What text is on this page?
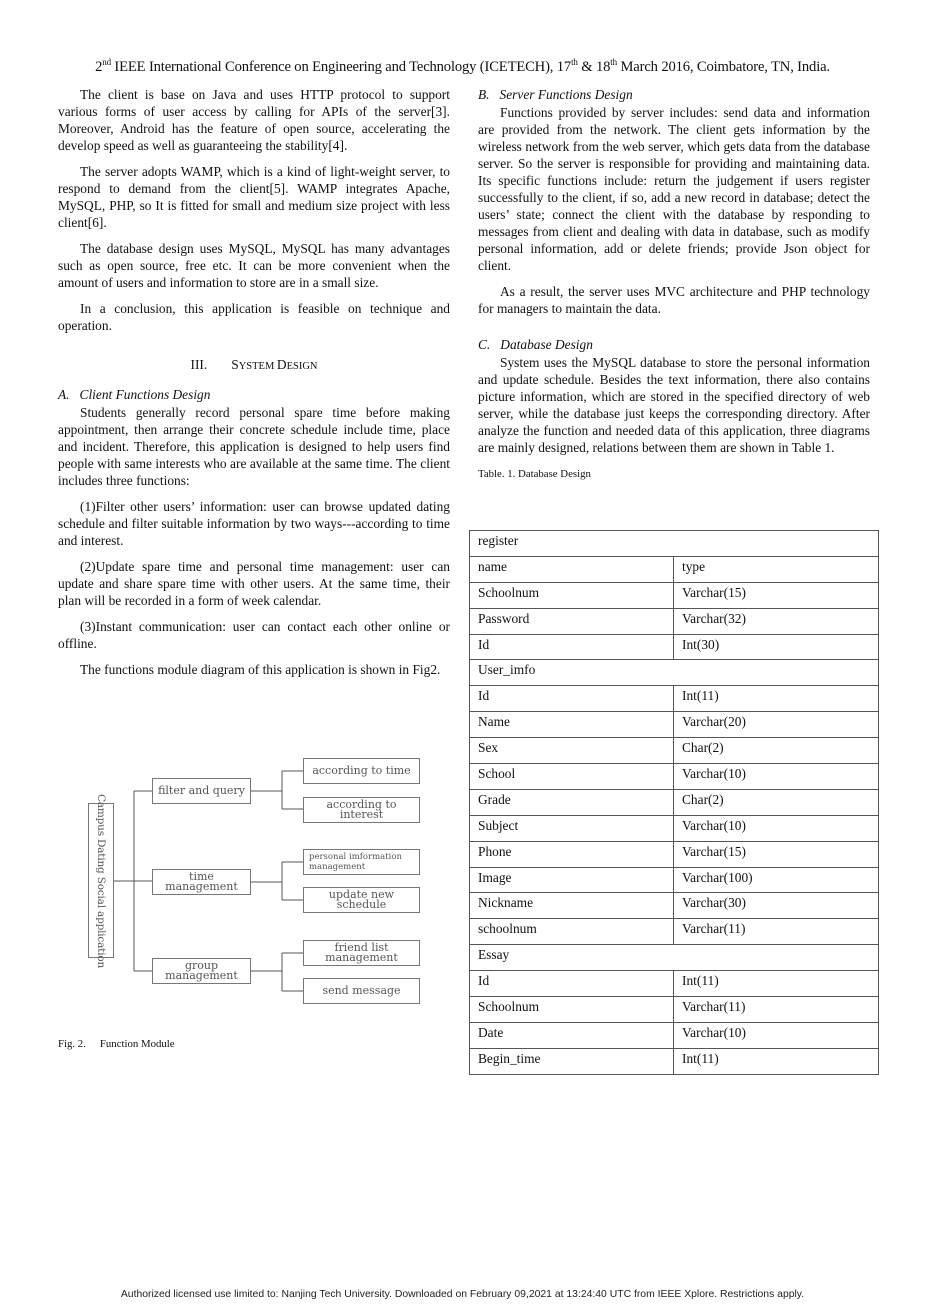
2nd IEEE International Conference on Engineering and Technology (ICETECH), 17th & 18th March 2016, Coimbatore, TN, India.

The client is base on Java and uses HTTP protocol to support various forms of user access by calling for APIs of the server[3]. Moreover, Android has the feature of open source, accelerating the develop speed as well as guaranteeing the stability[4].

The server adopts WAMP, which is a kind of light-weight server, to respond to demand from the client[5]. WAMP integrates Apache, MySQL, PHP, so It is fitted for small and medium size project with less client[6].

The database design uses MySQL, MySQL has many advantages such as open source, free etc. It can be more convenient when the amount of users and information to store are in a small size.

In a conclusion, this application is feasible on technique and operation.

III. SYSTEM DESIGN
A. Client Functions Design

Students generally record personal spare time before making appointment, then arrange their concrete schedule include time, place and incident. Therefore, this application is designed to help users find people with same interests who are available at the same time. The client includes three functions:

(1)Filter other users’ information: user can browse updated dating schedule and filter suitable information by two ways---according to time and interest.

(2)Update spare time and personal time management: user can update and share spare time with other users. At the same time, their plan will be recorded in a form of week calendar.

(3)Instant communication: user can contact each other online or offline.

The functions module diagram of this application is shown in Fig2.

Campus Dating Social application
filter and query
according to time
according to interest
time management
personal imformation management
update new schedule
group management
friend list management
send message
Fig. 2. Function Module
B. Server Functions Design

Functions provided by server includes: send data and information are provided from the network. The client gets information by the wireless network from the web server, which gets data from the database server. So the server is responsible for providing and maintaining data. Its specific functions include: return the judgement if users register successfully to the client, if so, add a new record in database; detect the users’ state; connect the client with the database by responding to messages from client and dealing with data in database, such as modify personal information, add or delete friends; provide Json object for client.

As a result, the server uses MVC architecture and PHP technology for managers to maintain the data.

C. Database Design

System uses the MySQL database to store the personal information and update schedule. Besides the text information, there also contains picture information, which are stored in the specified directory of web server, while the database just keeps the corresponding directory. After analyze the function and needed data of this application, three diagrams are mainly designed, relations between them are shown in Table 1.

Table. 1. Database Design
register	
name	type
Schoolnum	Varchar(15)
Password	Varchar(32)
Id	Int(30)
User_imfo	
Id	Int(11)
Name	Varchar(20)
Sex	Char(2)
School	Varchar(10)
Grade	Char(2)
Subject	Varchar(10)
Phone	Varchar(15)
Image	Varchar(100)
Nickname	Varchar(30)
schoolnum	Varchar(11)
Essay	
Id	Int(11)
Schoolnum	Varchar(11)
Date	Varchar(10)
Begin_time	Int(11)
Authorized licensed use limited to: Nanjing Tech University. Downloaded on February 09,2021 at 13:24:40 UTC from IEEE Xplore. Restrictions apply.
